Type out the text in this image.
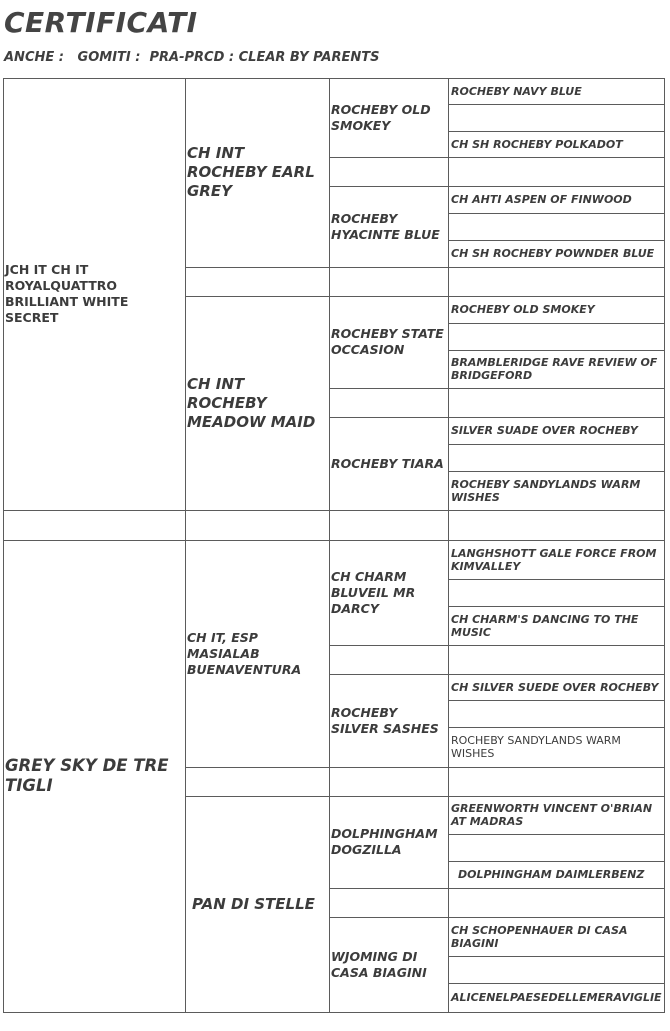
CERTIFICATI
ANCHE :   GOMITI :  PRA-PRCD : CLEAR BY PARENTS
JCH IT CH IT ROYALQUATTRO BRILLIANT WHITE SECRET
GREY SKY DE TRE TIGLI
CH INT ROCHEBY EARL GREY
CH INT ROCHEBY MEADOW MAID
CH IT, ESP MASIALAB BUENAVENTURA
PAN DI STELLE
ROCHEBY OLD SMOKEY
ROCHEBY HYACINTE BLUE
ROCHEBY STATE OCCASION
ROCHEBY TIARA
CH CHARM BLUVEIL MR DARCY
ROCHEBY SILVER SASHES
DOLPHINGHAM DOGZILLA
WJOMING DI CASA BIAGINI
ROCHEBY NAVY BLUE
CH SH ROCHEBY POLKADOT
CH AHTI ASPEN OF FINWOOD
CH SH ROCHEBY POWNDER BLUE
ROCHEBY OLD SMOKEY
BRAMBLERIDGE RAVE REVIEW OF BRIDGEFORD
SILVER SUADE OVER ROCHEBY
ROCHEBY SANDYLANDS WARM WISHES
LANGHSHOTT GALE FORCE FROM KIMVALLEY
CH CHARM'S DANCING TO THE MUSIC
CH SILVER SUEDE OVER ROCHEBY
ROCHEBY SANDYLANDS WARM WISHES
GREENWORTH VINCENT O'BRIAN AT MADRAS
DOLPHINGHAM DAIMLERBENZ
CH SCHOPENHAUER DI CASA BIAGINI
ALICENELPAESEDELLEMERAVIGLIE
